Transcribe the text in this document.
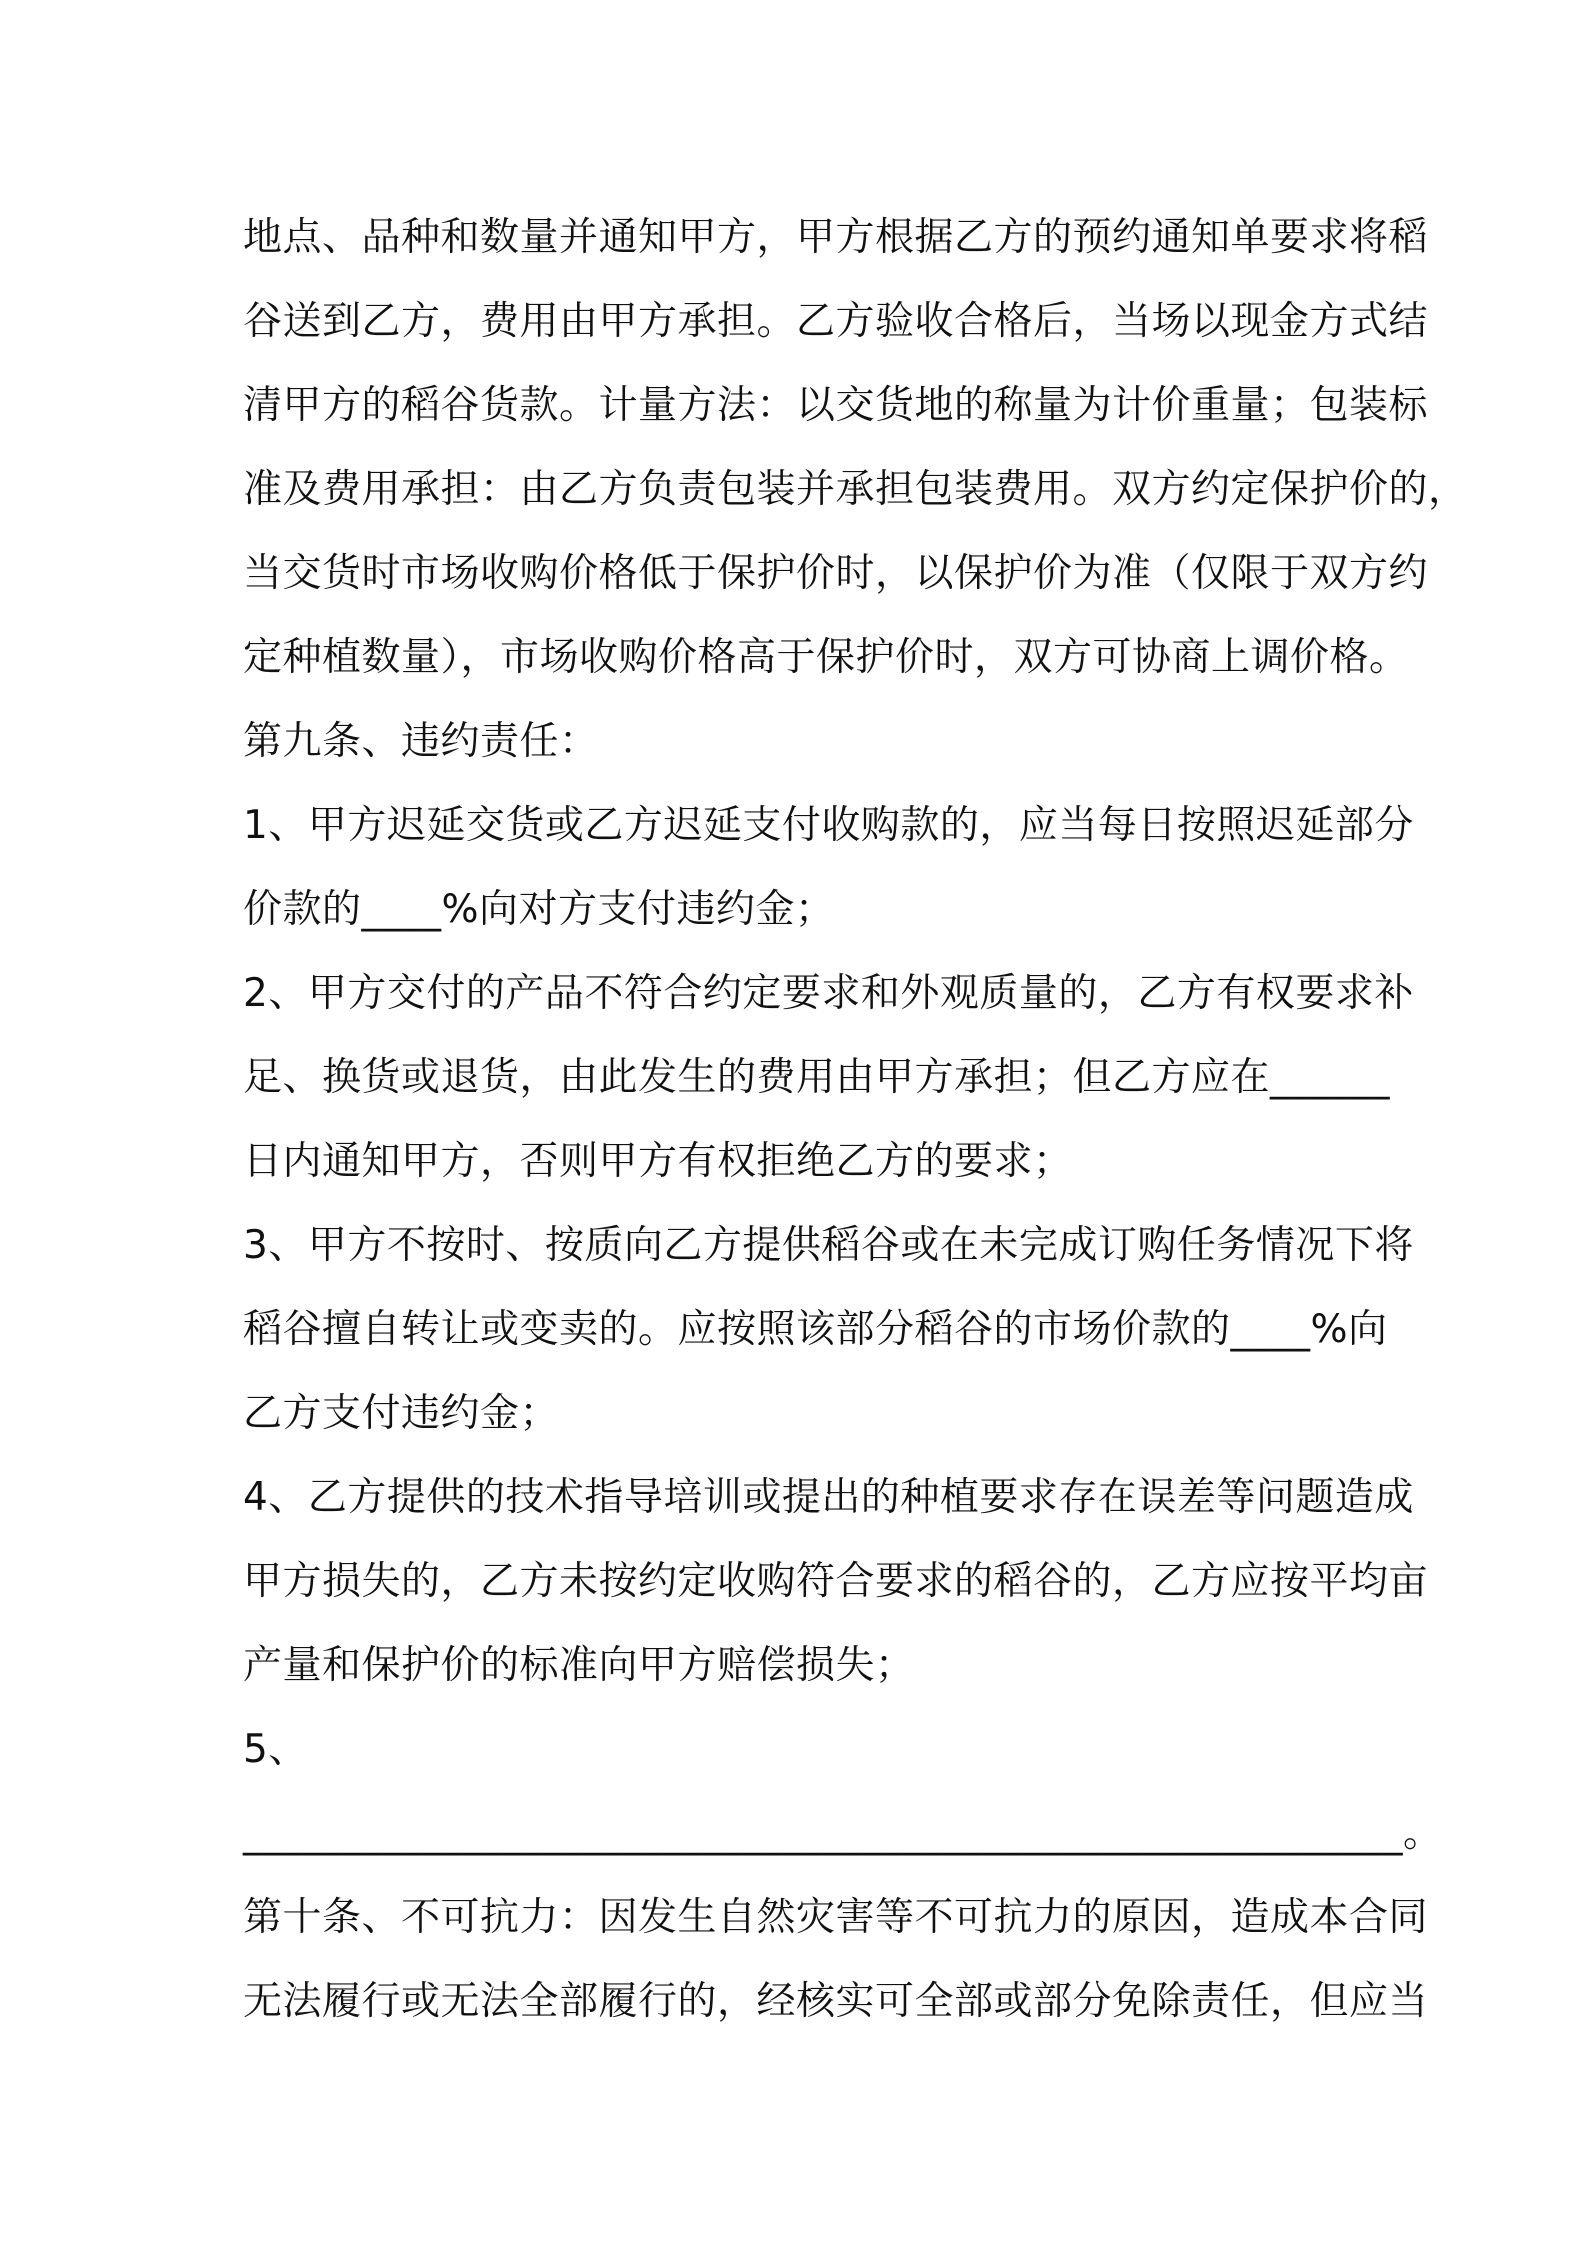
地点、品种和数量并通知甲方，甲方根据乙方的预约通知单要求将稻
谷送到乙方，费用由甲方承担。乙方验收合格后，当场以现金方式结
清甲方的稻谷货款。计量方法：以交货地的称量为计价重量；包装标
准及费用承担：由乙方负责包装并承担包装费用。双方约定保护价的，
当交货时市场收购价格低于保护价时，以保护价为准（仅限于双方约
定种植数量），市场收购价格高于保护价时，双方可协商上调价格。
第九条、违约责任：
1、甲方迟延交货或乙方迟延支付收购款的，应当每日按照迟延部分
价款的____%向对方支付违约金；
2、甲方交付的产品不符合约定要求和外观质量的，乙方有权要求补
足、换货或退货，由此发生的费用由甲方承担；但乙方应在______
日内通知甲方，否则甲方有权拒绝乙方的要求；
3、甲方不按时、按质向乙方提供稻谷或在未完成订购任务情况下将
稻谷擅自转让或变卖的。应按照该部分稻谷的市场价款的____%向
乙方支付违约金；
4、乙方提供的技术指导培训或提出的种植要求存在误差等问题造成
甲方损失的，乙方未按约定收购符合要求的稻谷的，乙方应按平均亩
产量和保护价的标准向甲方赔偿损失；
5、
__________________________________________________________。
第十条、不可抗力：因发生自然灾害等不可抗力的原因，造成本合同
无法履行或无法全部履行的，经核实可全部或部分免除责任，但应当
